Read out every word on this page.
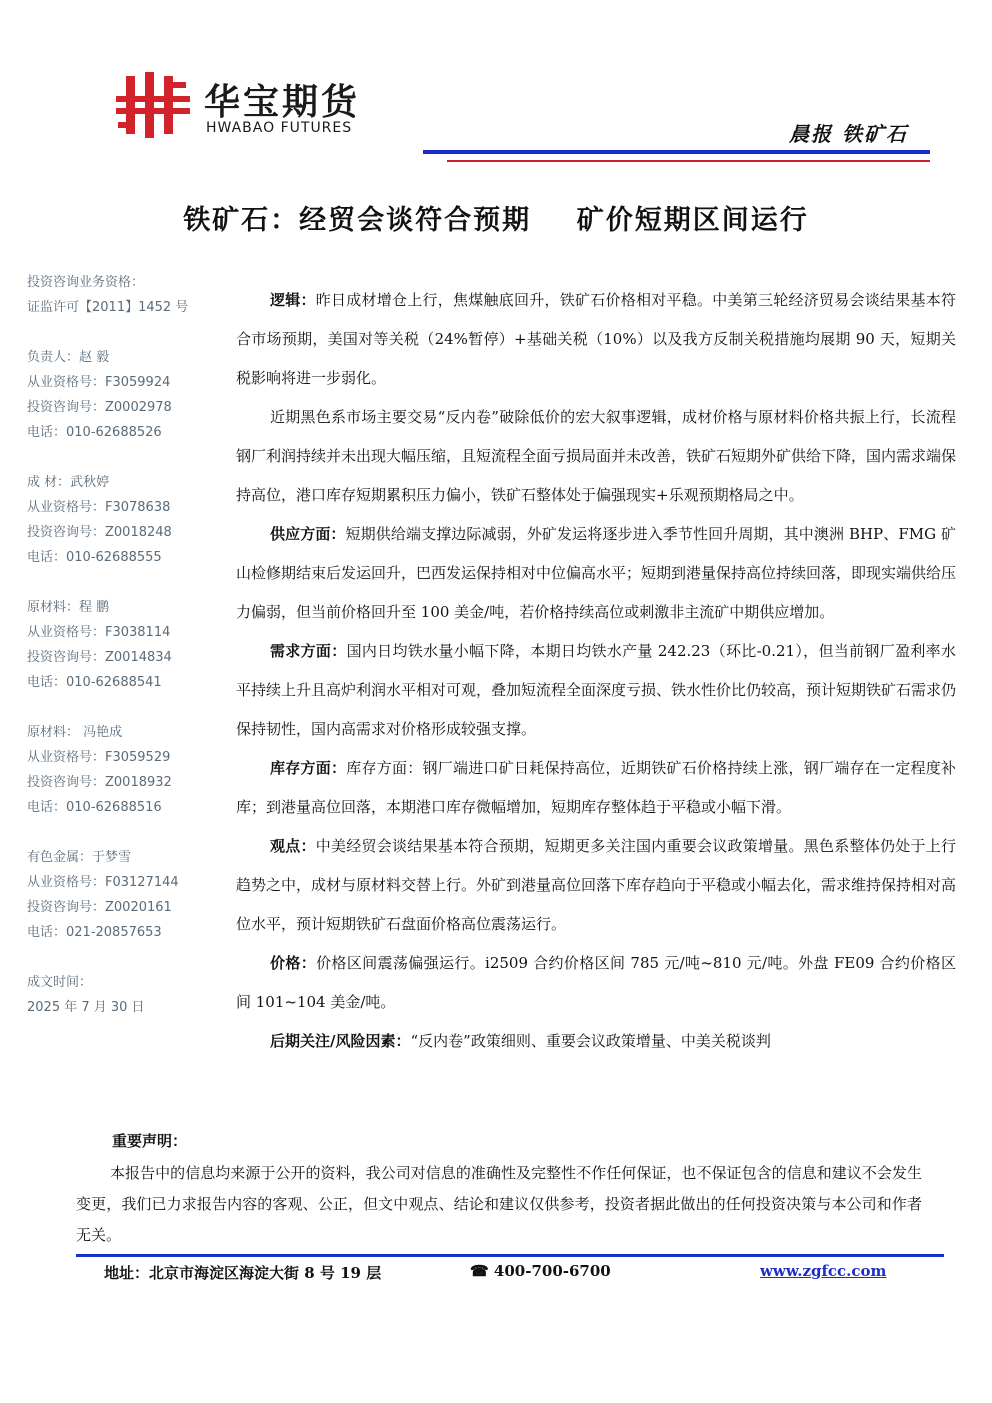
华宝期货
HWABAO FUTURES	晨报 铁矿石
铁矿石：经贸会谈符合预期    矿价短期区间运行
投资咨询业务资格：
证监许可【2011】1452 号
负责人：赵 毅
从业资格号：F3059924
投资咨询号：Z0002978
电话：010-62688526
成 材：武秋婷
从业资格号：F3078638
投资咨询号：Z0018248
电话：010-62688555
原材料：程 鹏
从业资格号：F3038114
投资咨询号：Z0014834
电话：010-62688541
原材料： 冯艳成
从业资格号：F3059529
投资咨询号：Z0018932
电话：010-62688516
有色金属：于梦雪
从业资格号：F03127144
投资咨询号：Z0020161
电话：021-20857653
成文时间：
2025 年 7 月 30 日

逻辑：昨日成材增仓上行，焦煤触底回升，铁矿石价格相对平稳。中美第三轮经济贸易会谈结果基本符合市场预期，美国对等关税（24%暂停）+基础关税（10%）以及我方反制关税措施均展期 90 天，短期关税影响将进一步弱化。

近期黑色系市场主要交易“反内卷”破除低价的宏大叙事逻辑，成材价格与原材料价格共振上行，长流程钢厂利润持续并未出现大幅压缩，且短流程全面亏损局面并未改善，铁矿石短期外矿供给下降，国内需求端保持高位，港口库存短期累积压力偏小，铁矿石整体处于偏强现实+乐观预期格局之中。

供应方面：短期供给端支撑边际减弱，外矿发运将逐步进入季节性回升周期，其中澳洲 BHP、FMG 矿山检修期结束后发运回升，巴西发运保持相对中位偏高水平；短期到港量保持高位持续回落，即现实端供给压力偏弱，但当前价格回升至 100 美金/吨，若价格持续高位或刺激非主流矿中期供应增加。

需求方面：国内日均铁水量小幅下降，本期日均铁水产量 242.23（环比-0.21），但当前钢厂盈利率水平持续上升且高炉利润水平相对可观，叠加短流程全面深度亏损、铁水性价比仍较高，预计短期铁矿石需求仍保持韧性，国内高需求对价格形成较强支撑。

库存方面：库存方面：钢厂端进口矿日耗保持高位，近期铁矿石价格持续上涨，钢厂端存在一定程度补库；到港量高位回落，本期港口库存微幅增加，短期库存整体趋于平稳或小幅下滑。

观点：中美经贸会谈结果基本符合预期，短期更多关注国内重要会议政策增量。黑色系整体仍处于上行趋势之中，成材与原材料交替上行。外矿到港量高位回落下库存趋向于平稳或小幅去化，需求维持保持相对高位水平，预计短期铁矿石盘面价格高位震荡运行。

价格：价格区间震荡偏强运行。i2509 合约价格区间 785 元/吨~810 元/吨。外盘 FE09 合约价格区间 101~104 美金/吨。

后期关注/风险因素：“反内卷”政策细则、重要会议政策增量、中美关税谈判

重要声明：
本报告中的信息均来源于公开的资料，我公司对信息的准确性及完整性不作任何保证，也不保证包含的信息和建议不会发生变更，我们已力求报告内容的客观、公正，但文中观点、结论和建议仅供参考，投资者据此做出的任何投资决策与本公司和作者无关。
地址：北京市海淀区海淀大街 8 号 19 层	☎ 400-700-6700	www.zgfcc.com
